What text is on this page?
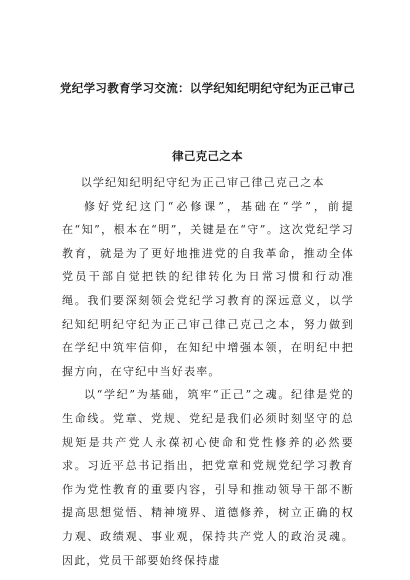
党纪学习教育学习交流：以学纪知纪明纪守纪为正己审己
律己克己之本

以学纪知纪明纪守纪为正己审己律己克己之本

修好党纪这门“必修课”，基础在“学”，前提在“知”，根本在“明”，关键是在“守”。这次党纪学习教育，就是为了更好地推进党的自我革命，推动全体党员干部自觉把铁的纪律转化为日常习惯和行动准绳。我们要深刻领会党纪学习教育的深远意义，以学纪知纪明纪守纪为正己审己律己克己之本，努力做到在学纪中筑牢信仰，在知纪中增强本领，在明纪中把握方向，在守纪中当好表率。

以“学纪”为基础，筑牢“正己”之魂。纪律是党的生命线。党章、党规、党纪是我们必须时刻坚守的总规矩是共产党人永葆初心使命和党性修养的必然要求。习近平总书记指出，把党章和党规党纪学习教育作为党性教育的重要内容，引导和推动领导干部不断提高思想觉悟、精神境界、道德修养，树立正确的权力观、政绩观、事业观，保持共产党人的政治灵魂。因此，党员干部要始终保持虚
